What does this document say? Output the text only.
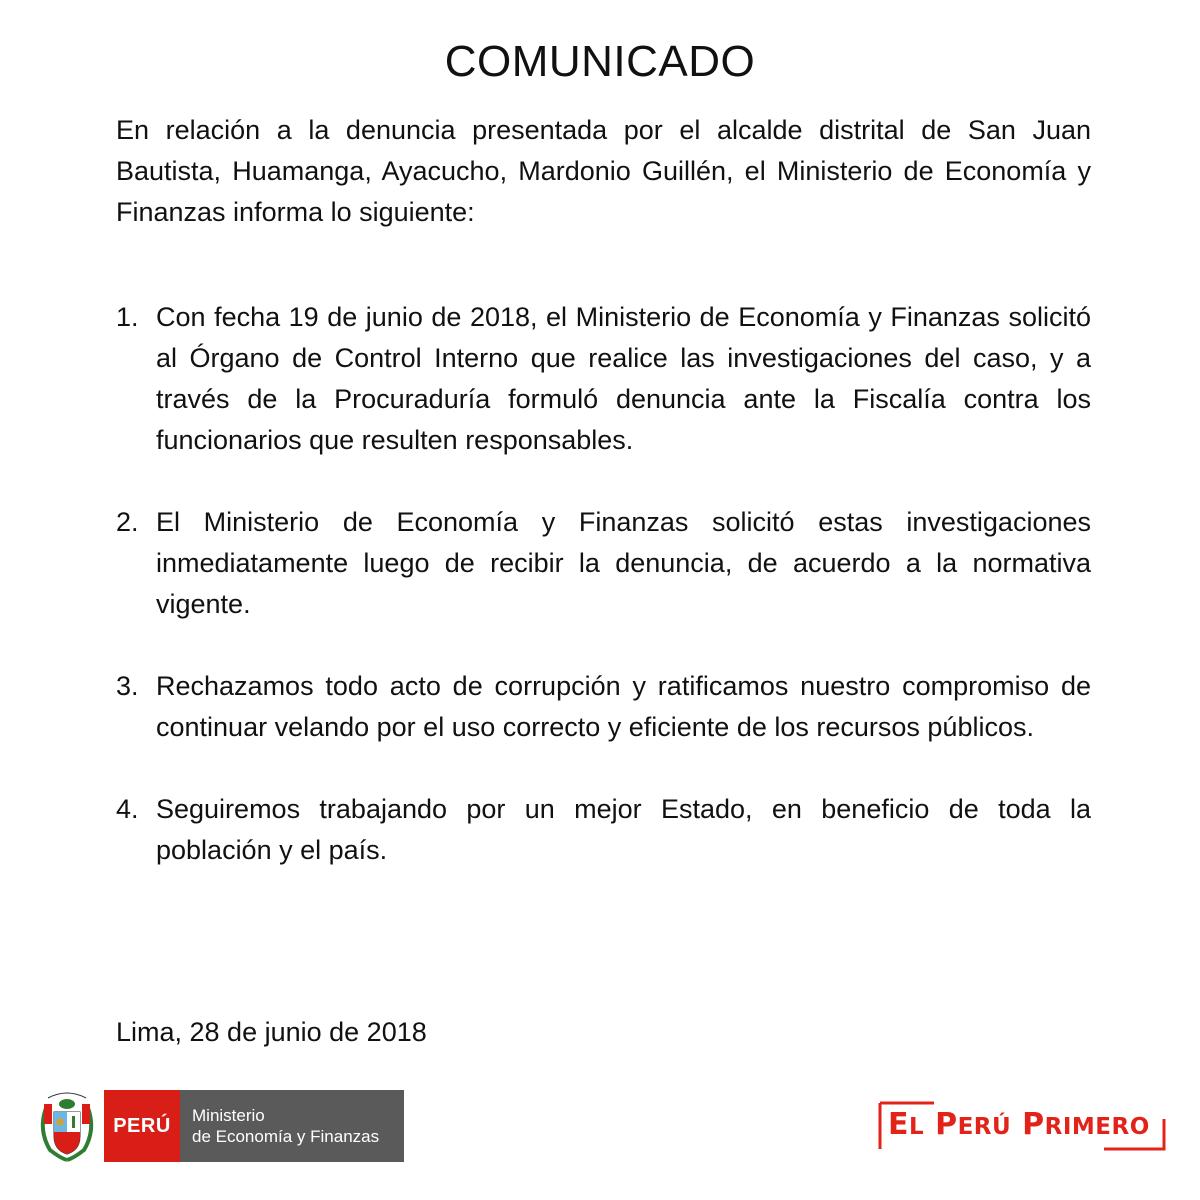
COMUNICADO
En relación a la denuncia presentada por el alcalde distrital de San Juan Bautista, Huamanga, Ayacucho, Mardonio Guillén, el Ministerio de Economía y Finanzas informa lo siguiente:
1. Con fecha 19 de junio de 2018, el Ministerio de Economía y Finanzas solicitó al Órgano de Control Interno que realice las investigaciones del caso, y a través de la Procuraduría formuló denuncia ante la Fiscalía contra los funcionarios que resulten responsables.
2. El Ministerio de Economía y Finanzas solicitó estas investigaciones inmediatamente luego de recibir la denuncia, de acuerdo a la normativa vigente.
3. Rechazamos todo acto de corrupción y ratificamos nuestro compromiso de continuar velando por el uso correcto y eficiente de los recursos públicos.
4. Seguiremos trabajando por un mejor Estado, en beneficio de toda la población y el país.
Lima, 28 de junio de 2018
PERÚ	Ministerio
de Economía y Finanzas	EL PERÚ PRIMERO
